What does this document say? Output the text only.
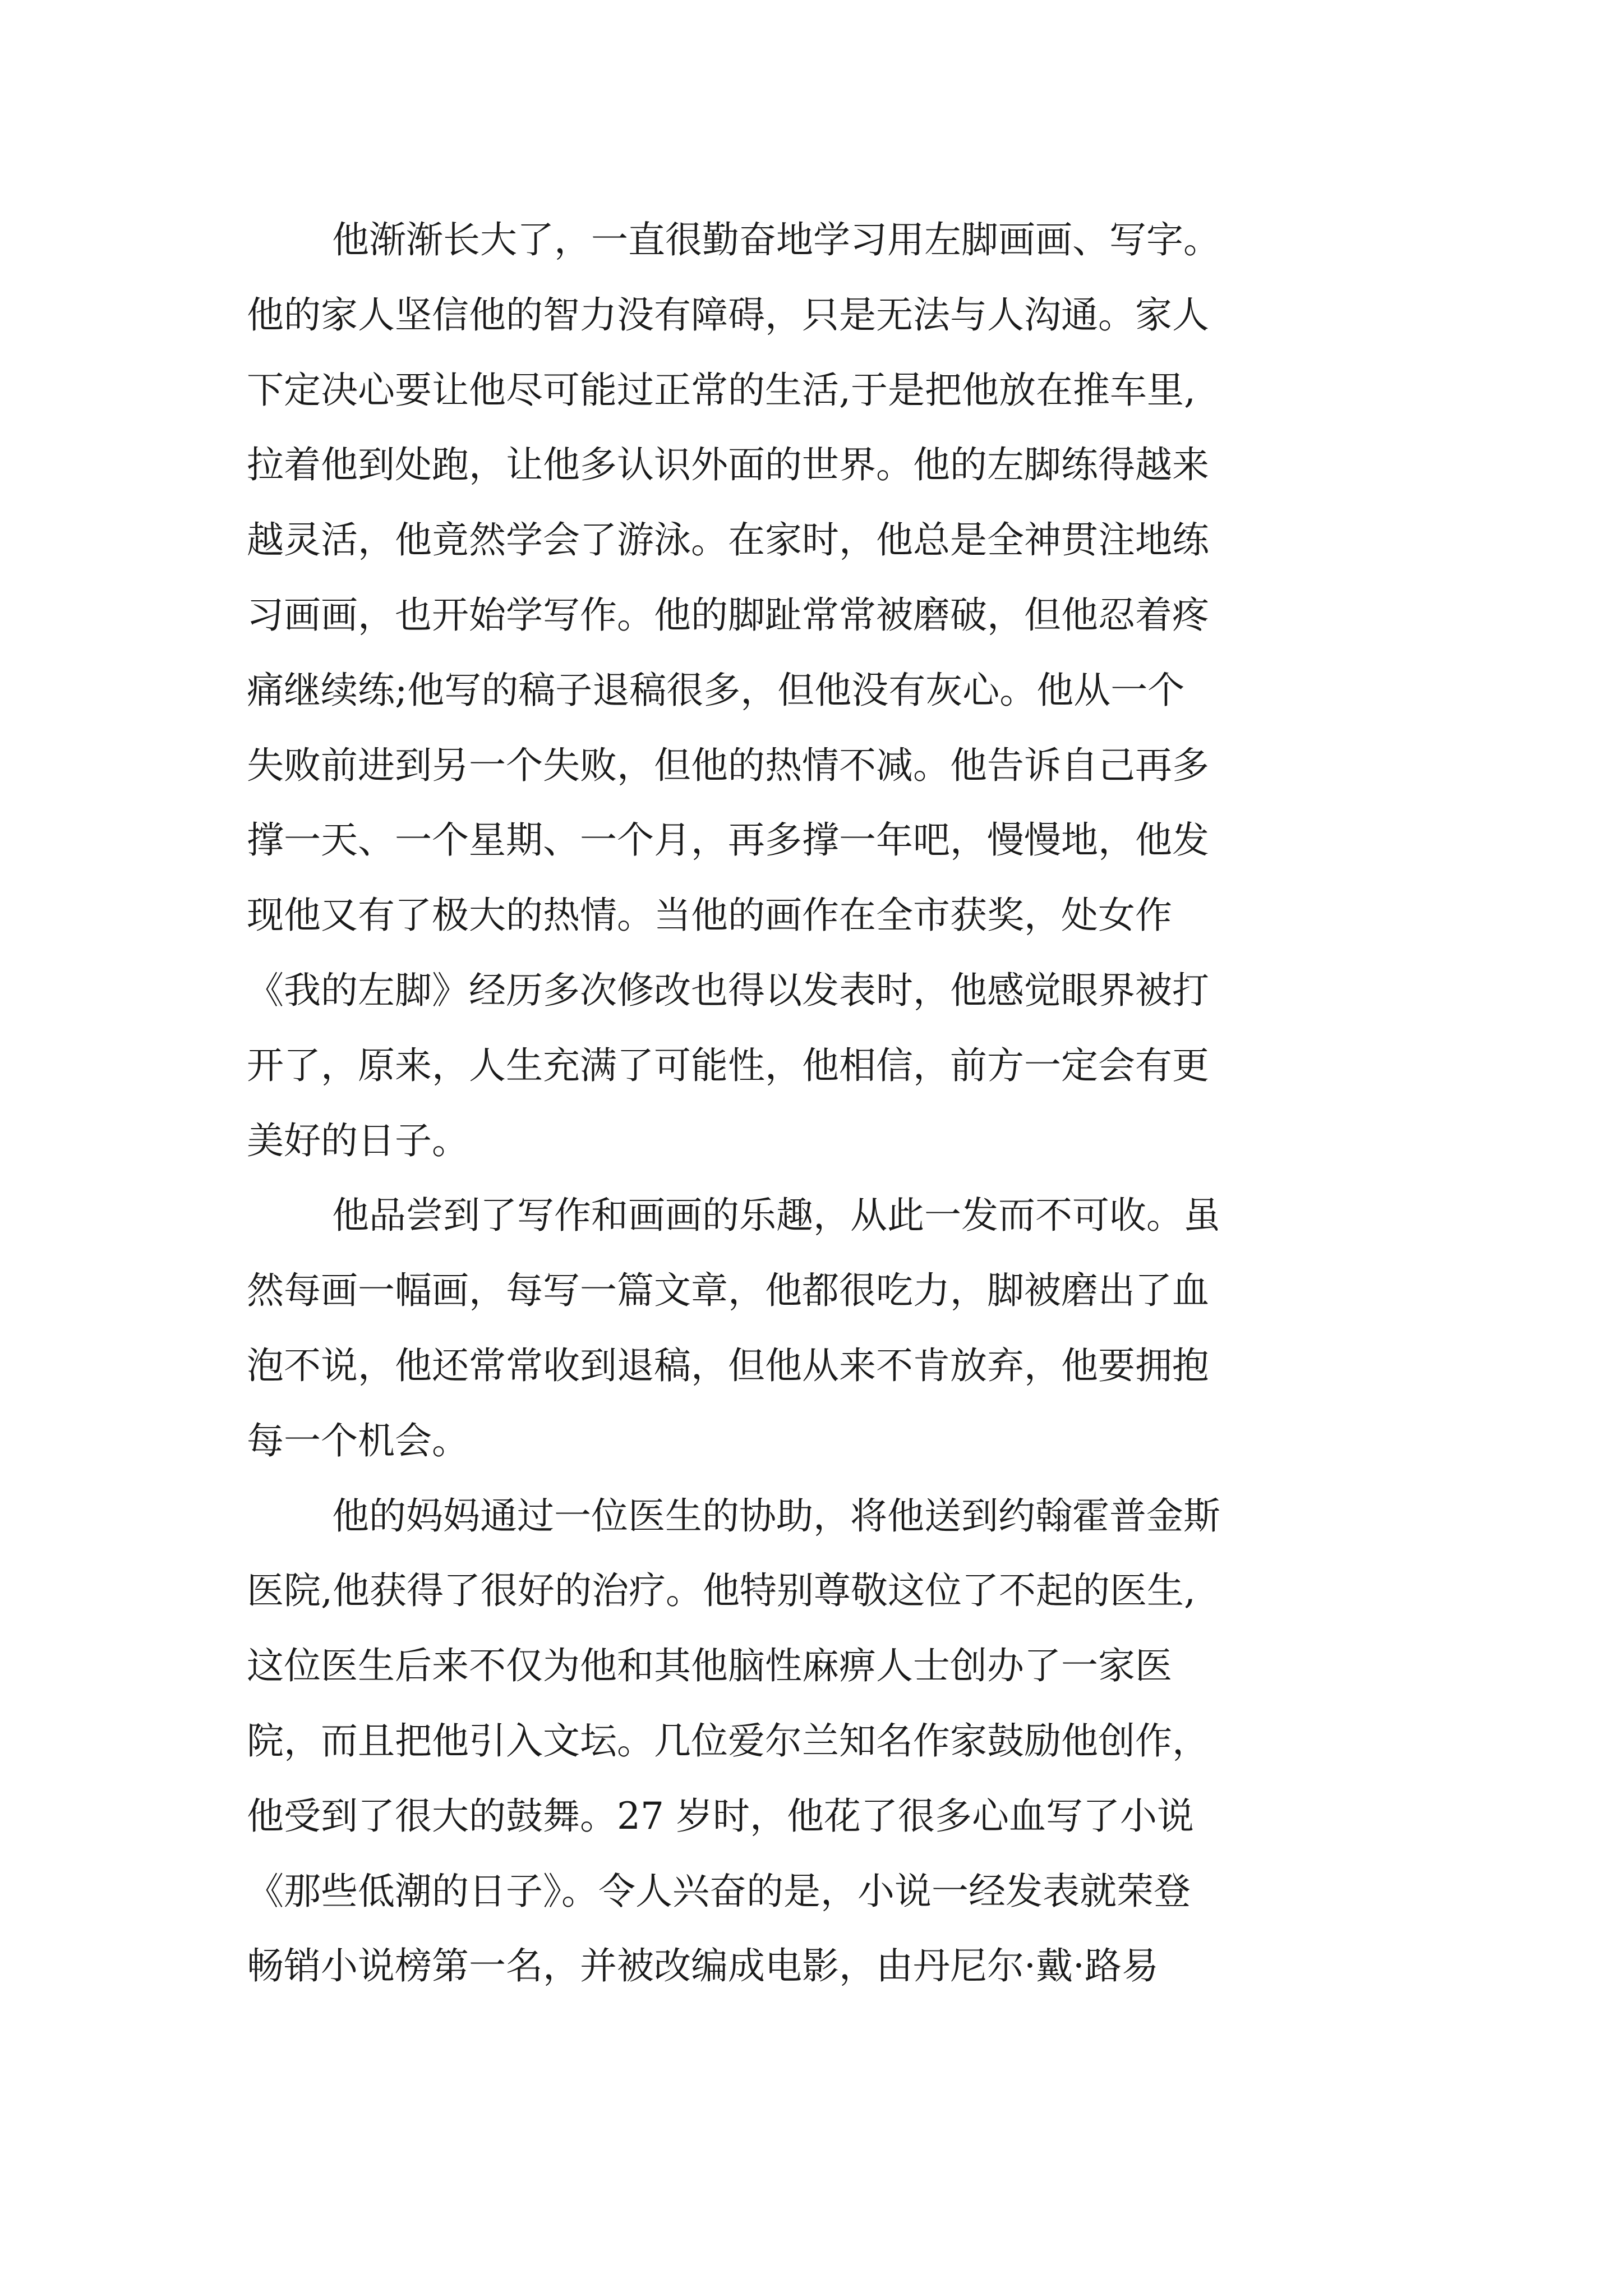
他渐渐长大了，一直很勤奋地学习用左脚画画、写字。
他的家人坚信他的智力没有障碍，只是无法与人沟通。家人
下定决心要让他尽可能过正常的生活,于是把他放在推车里,
拉着他到处跑，让他多认识外面的世界。他的左脚练得越来
越灵活，他竟然学会了游泳。在家时，他总是全神贯注地练
习画画，也开始学写作。他的脚趾常常被磨破，但他忍着疼
痛继续练;他写的稿子退稿很多，但他没有灰心。他从一个
失败前进到另一个失败，但他的热情不减。他告诉自己再多
撑一天、一个星期、一个月，再多撑一年吧，慢慢地，他发
现他又有了极大的热情。当他的画作在全市获奖，处女作
《我的左脚》经历多次修改也得以发表时，他感觉眼界被打
开了，原来，人生充满了可能性，他相信，前方一定会有更
美好的日子。
他品尝到了写作和画画的乐趣，从此一发而不可收。虽
然每画一幅画，每写一篇文章，他都很吃力，脚被磨出了血
泡不说，他还常常收到退稿，但他从来不肯放弃，他要拥抱
每一个机会。
他的妈妈通过一位医生的协助，将他送到约翰霍普金斯
医院,他获得了很好的治疗。他特别尊敬这位了不起的医生,
这位医生后来不仅为他和其他脑性麻痹人士创办了一家医
院，而且把他引入文坛。几位爱尔兰知名作家鼓励他创作，
他受到了很大的鼓舞。27 岁时，他花了很多心血写了小说
《那些低潮的日子》。令人兴奋的是，小说一经发表就荣登
畅销小说榜第一名，并被改编成电影，由丹尼尔·戴·路易
